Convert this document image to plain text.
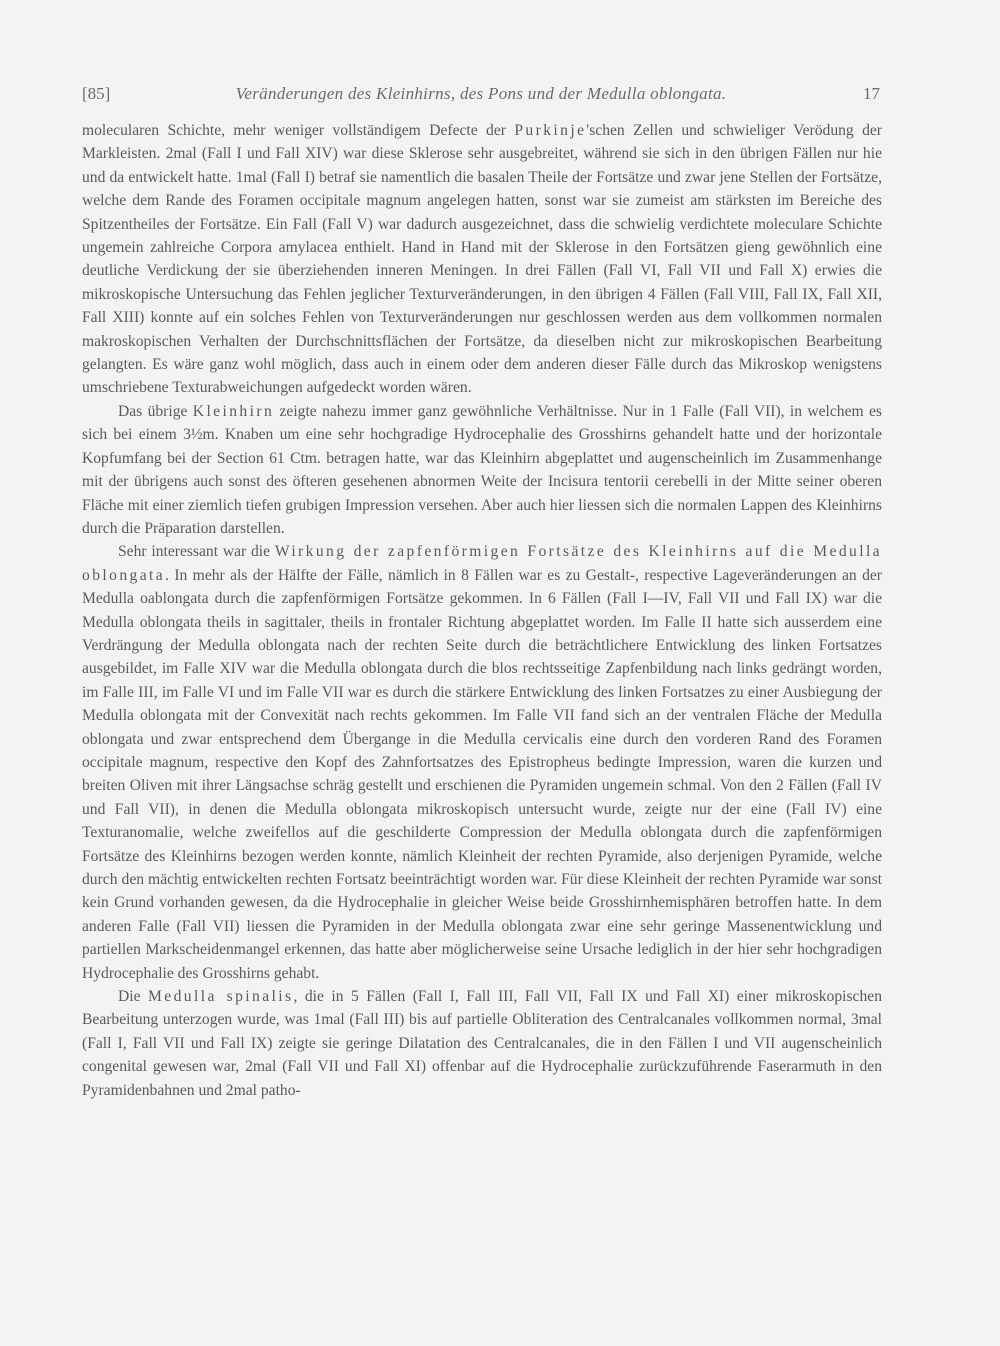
[85]	Veränderungen des Kleinhirns, des Pons und der Medulla oblongata.	17

molecularen Schichte, mehr weniger vollständigem Defecte der Purkinje'schen Zellen und schwieliger Verödung der Markleisten. 2mal (Fall I und Fall XIV) war diese Sklerose sehr ausgebreitet, während sie sich in den übrigen Fällen nur hie und da entwickelt hatte. 1mal (Fall I) betraf sie namentlich die basalen Theile der Fortsätze und zwar jene Stellen der Fortsätze, welche dem Rande des Foramen occipitale magnum angelegen hatten, sonst war sie zumeist am stärksten im Bereiche des Spitzentheiles der Fortsätze. Ein Fall (Fall V) war dadurch ausgezeichnet, dass die schwielig verdichtete moleculare Schichte ungemein zahlreiche Corpora amylacea enthielt. Hand in Hand mit der Sklerose in den Fortsätzen gieng gewöhnlich eine deutliche Verdickung der sie überziehenden inneren Meningen. In drei Fällen (Fall VI, Fall VII und Fall X) erwies die mikroskopische Untersuchung das Fehlen jeglicher Texturveränderungen, in den übrigen 4 Fällen (Fall VIII, Fall IX, Fall XII, Fall XIII) konnte auf ein solches Fehlen von Texturveränderungen nur geschlossen werden aus dem vollkommen normalen makroskopischen Verhalten der Durchschnittsflächen der Fortsätze, da dieselben nicht zur mikroskopischen Bearbeitung gelangten. Es wäre ganz wohl möglich, dass auch in einem oder dem anderen dieser Fälle durch das Mikroskop wenigstens umschriebene Texturabweichungen aufgedeckt worden wären.

Das übrige Kleinhirn zeigte nahezu immer ganz gewöhnliche Verhältnisse. Nur in 1 Falle (Fall VII), in welchem es sich bei einem 3½m. Knaben um eine sehr hochgradige Hydrocephalie des Grosshirns gehandelt hatte und der horizontale Kopfumfang bei der Section 61 Ctm. betragen hatte, war das Kleinhirn abgeplattet und augenscheinlich im Zusammenhange mit der übrigens auch sonst des öfteren gesehenen abnormen Weite der Incisura tentorii cerebelli in der Mitte seiner oberen Fläche mit einer ziemlich tiefen grubigen Impression versehen. Aber auch hier liessen sich die normalen Lappen des Kleinhirns durch die Präparation darstellen.

Sehr interessant war die Wirkung der zapfenförmigen Fortsätze des Kleinhirns auf die Medulla oblongata. In mehr als der Hälfte der Fälle, nämlich in 8 Fällen war es zu Gestalt-, respective Lageveränderungen an der Medulla oablongata durch die zapfenförmigen Fortsätze gekommen. In 6 Fällen (Fall I—IV, Fall VII und Fall IX) war die Medulla oblongata theils in sagittaler, theils in frontaler Richtung abgeplattet worden. Im Falle II hatte sich ausserdem eine Verdrängung der Medulla oblongata nach der rechten Seite durch die beträchtlichere Entwicklung des linken Fortsatzes ausgebildet, im Falle XIV war die Medulla oblongata durch die blos rechtsseitige Zapfenbildung nach links gedrängt worden, im Falle III, im Falle VI und im Falle VII war es durch die stärkere Entwicklung des linken Fortsatzes zu einer Ausbiegung der Medulla oblongata mit der Convexität nach rechts gekommen. Im Falle VII fand sich an der ventralen Fläche der Medulla oblongata und zwar entsprechend dem Übergange in die Medulla cervicalis eine durch den vorderen Rand des Foramen occipitale magnum, respective den Kopf des Zahnfortsatzes des Epistropheus bedingte Impression, waren die kurzen und breiten Oliven mit ihrer Längsachse schräg gestellt und erschienen die Pyramiden ungemein schmal. Von den 2 Fällen (Fall IV und Fall VII), in denen die Medulla oblongata mikroskopisch untersucht wurde, zeigte nur der eine (Fall IV) eine Texturanomalie, welche zweifellos auf die geschilderte Compression der Medulla oblongata durch die zapfenförmigen Fortsätze des Kleinhirns bezogen werden konnte, nämlich Kleinheit der rechten Pyramide, also derjenigen Pyramide, welche durch den mächtig entwickelten rechten Fortsatz beeinträchtigt worden war. Für diese Kleinheit der rechten Pyramide war sonst kein Grund vorhanden gewesen, da die Hydrocephalie in gleicher Weise beide Grosshirnhemisphären betroffen hatte. In dem anderen Falle (Fall VII) liessen die Pyramiden in der Medulla oblongata zwar eine sehr geringe Massenentwicklung und partiellen Markscheidenmangel erkennen, das hatte aber möglicherweise seine Ursache lediglich in der hier sehr hochgradigen Hydrocephalie des Grosshirns gehabt.

Die Medulla spinalis, die in 5 Fällen (Fall I, Fall III, Fall VII, Fall IX und Fall XI) einer mikroskopischen Bearbeitung unterzogen wurde, was 1mal (Fall III) bis auf partielle Obliteration des Centralcanales vollkommen normal, 3mal (Fall I, Fall VII und Fall IX) zeigte sie geringe Dilatation des Centralcanales, die in den Fällen I und VII augenscheinlich congenital gewesen war, 2mal (Fall VII und Fall XI) offenbar auf die Hydrocephalie zurückzuführende Faserarmuth in den Pyramidenbahnen und 2mal patho-
